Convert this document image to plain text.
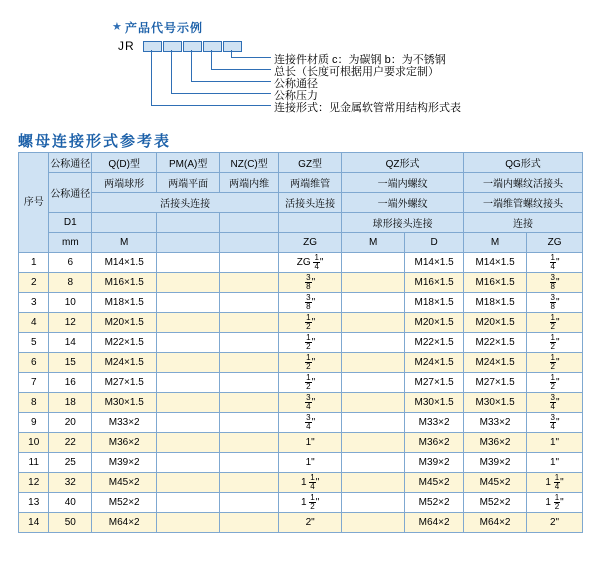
★ 产品代号示例
JR
连接件材质 c：为碳钢 b：为不锈钢
总长（长度可根据用户要求定制）
公称通径
公称压力
连接形式：见金属软管常用结构形式表
螺母连接形式参考表
序号	公称通径	Q(D)型	PM(A)型	NZ(C)型	GZ型	QZ形式		QG形式	
	公称通径	两端球形	两端平面	两端内维	两端维管	一端内螺纹		一端内螺纹活接头	
		活接头连接			活接头连接	一端外螺纹		一端维管螺纹接头	
	D1					球形接头连接		连接	
	mm	M			ZG	M	D	M	ZG
1	6	M14×1.5			ZG $\frac{1}{4}$ "		M14×1.5	M14×1.5	$\frac{1}{4}$ "
2	8	M16×1.5			$\frac{3}{8}$ "		M16×1.5	M16×1.5	$\frac{3}{8}$ "
3	10	M18×1.5			$\frac{3}{8}$ "		M18×1.5	M18×1.5	$\frac{3}{8}$ "
4	12	M20×1.5			$\frac{1}{2}$ "		M20×1.5	M20×1.5	$\frac{1}{2}$ "
5	14	M22×1.5			$\frac{1}{2}$ "		M22×1.5	M22×1.5	$\frac{1}{2}$ "
6	15	M24×1.5			$\frac{1}{2}$ "		M24×1.5	M24×1.5	$\frac{1}{2}$ "
7	16	M27×1.5			$\frac{1}{2}$ "		M27×1.5	M27×1.5	$\frac{1}{2}$ "
8	18	M30×1.5			$\frac{3}{4}$ "		M30×1.5	M30×1.5	$\frac{3}{4}$ "
9	20	M33×2			$\frac{3}{4}$ "		M33×2	M33×2	$\frac{3}{4}$ "
10	22	M36×2			1"		M36×2	M36×2	1"
11	25	M39×2			1"		M39×2	M39×2	1"
12	32	M45×2			$1 \frac{1}{4}$ "		M45×2	M45×2	$1 \frac{1}{4}$ "
13	40	M52×2			$1 \frac{1}{2}$ "		M52×2	M52×2	$1 \frac{1}{2}$ "
14	50	M64×2			2"		M64×2	M64×2	2"
